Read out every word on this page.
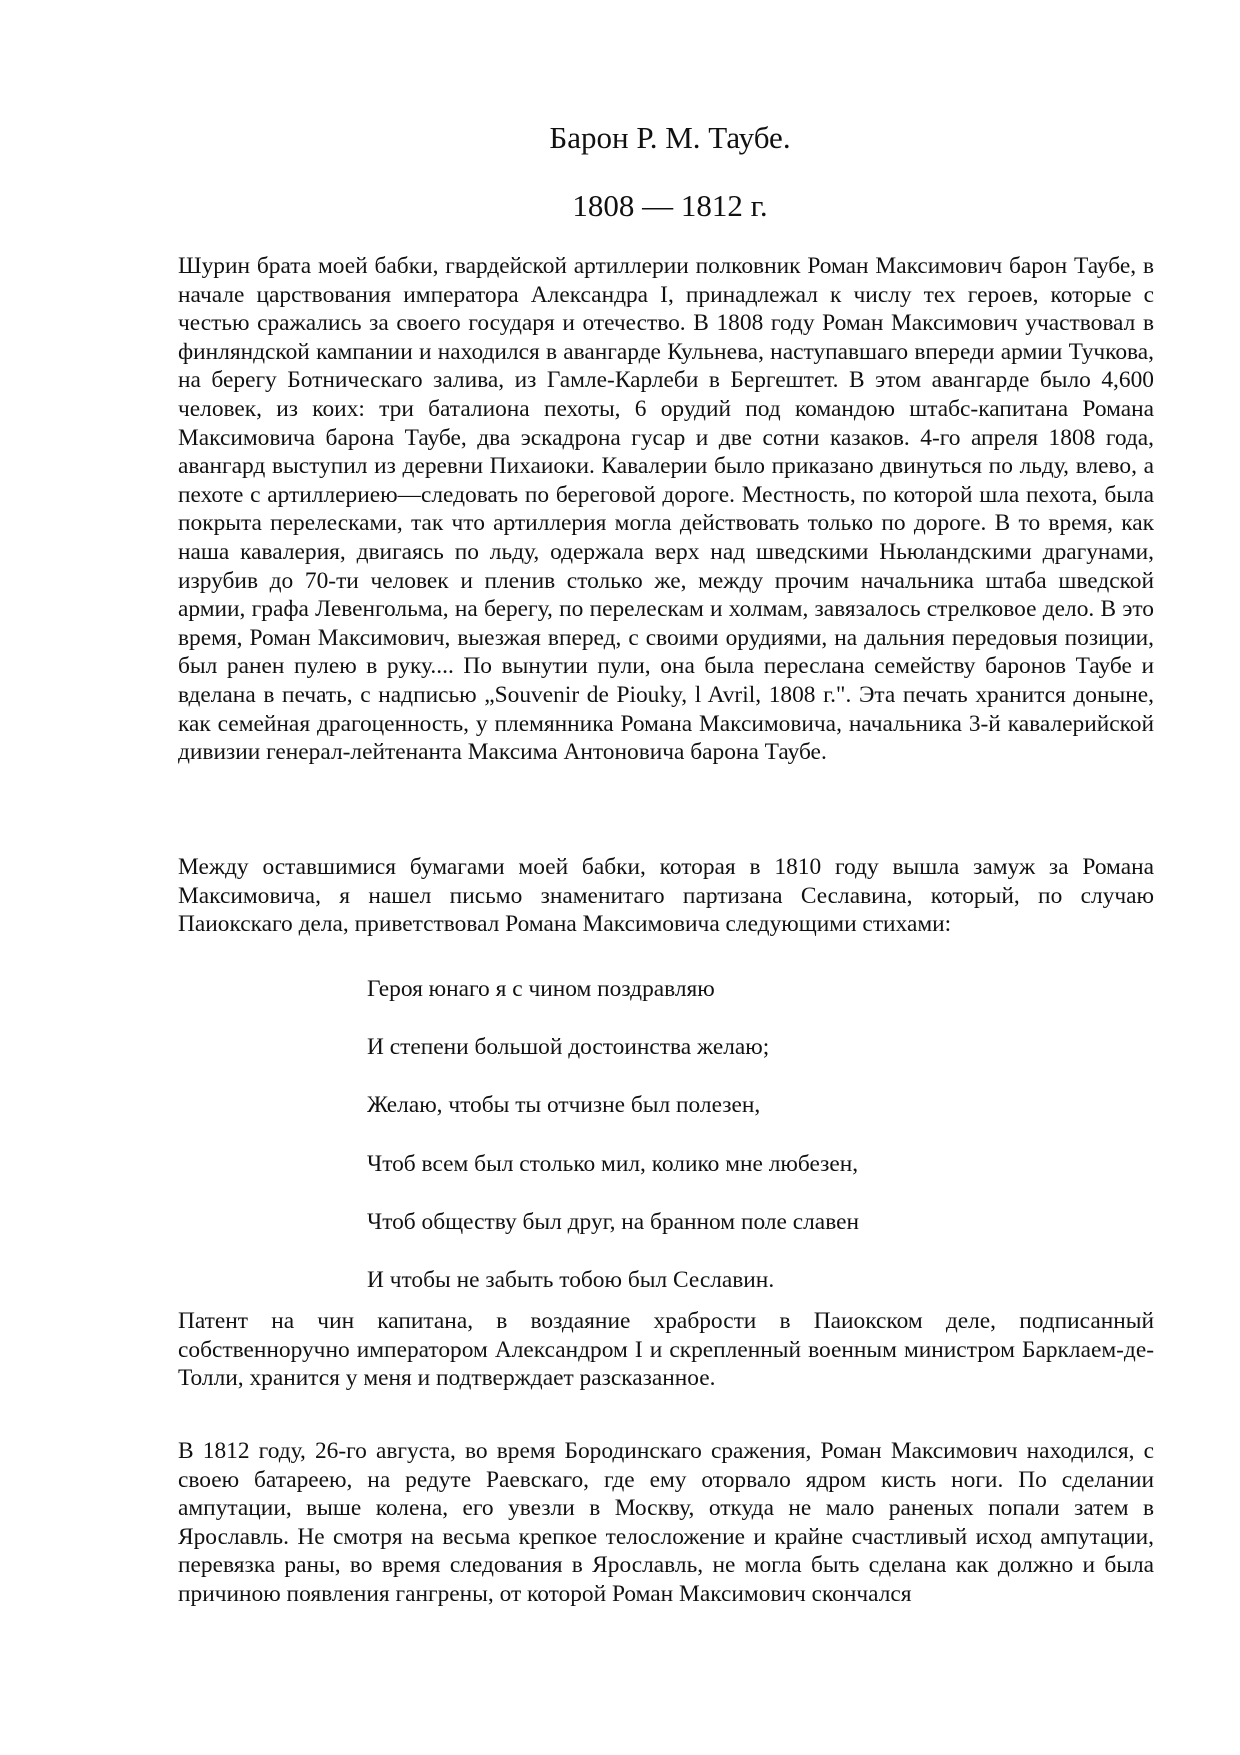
Барон Р. М. Таубе.
1808 — 1812 г.

Шурин брата моей бабки, гвардейской артиллерии полковник Роман Максимович барон Таубе, в начале царствования императора Александра I, принадлежал к числу тех героев, которые с честью сражались за своего государя и отечество. В 1808 году Роман Максимович участвовал в финляндской кампании и находился в авангарде Кульнева, наступавшаго впереди армии Тучкова, на берегу Ботническаго залива, из Гамле-Карлеби в Бергештет. В этом авангарде было 4,600 человек, из коих: три баталиона пехоты, 6 орудий под командою штабс-капитана Романа Максимовича барона Таубе, два эскадрона гусар и две сотни казаков. 4-го апреля 1808 года, авангард выступил из деревни Пихаиоки. Кавалерии было приказано двинуться по льду, влево, а пехоте с артиллериею—следовать по береговой дороге. Местность, по которой шла пехота, была покрыта перелесками, так что артиллерия могла действовать только по дороге. В то время, как наша кавалерия, двигаясь по льду, одержала верх над шведскими Ньюландскими драгунами, изрубив до 70-ти человек и пленив столько же, между прочим начальника штаба шведской армии, графа Левенгольма, на берегу, по перелескам и холмам, завязалось стрелковое дело. В это время, Роман Максимович, выезжая вперед, с своими орудиями, на дальния передовыя позиции, был ранен пулею в руку.... По вынутии пули, она была переслана семейству баронов Таубе и вделана в печать, с надписью „Souvenir de Piouky, l Avril, 1808 г.". Эта печать хранится доныне, как семейная драгоценность, у племянника Романа Максимовича, начальника 3-й кавалерийской дивизии генерал-лейтенанта Максима Антоновича барона Таубе.

Между оставшимися бумагами моей бабки, которая в 1810 году вышла замуж за Романа Максимовича, я нашел письмо знаменитаго партизана Сеславина, который, по случаю Паиокскаго дела, приветствовал Романа Максимовича следующими стихами:

Героя юнаго я с чином поздравляю

И степени большой достоинства желаю;

Желаю, чтобы ты отчизне был полезен,

Чтоб всем был столько мил, колико мне любезен,

Чтоб обществу был друг, на бранном поле славен

И чтобы не забыть тобою был Сеславин.

Патент на чин капитана, в воздаяние храбрости в Паиокском деле, подписанный собственноручно императором Александром I и скрепленный военным министром Барклаем-де-Толли, хранится у меня и подтверждает разсказанное.

В 1812 году, 26-го августа, во время Бородинскаго сражения, Роман Максимович находился, с своею батареею, на редуте Раевскаго, где ему оторвало ядром кисть ноги. По сделании ампутации, выше колена, его увезли в Москву, откуда не мало раненых попали затем в Ярославль. Не смотря на весьма крепкое телосложение и крайне счастливый исход ампутации, перевязка раны, во время следования в Ярославль, не могла быть сделана как должно и была причиною появления гангрены, от которой Роман Максимович скончался
